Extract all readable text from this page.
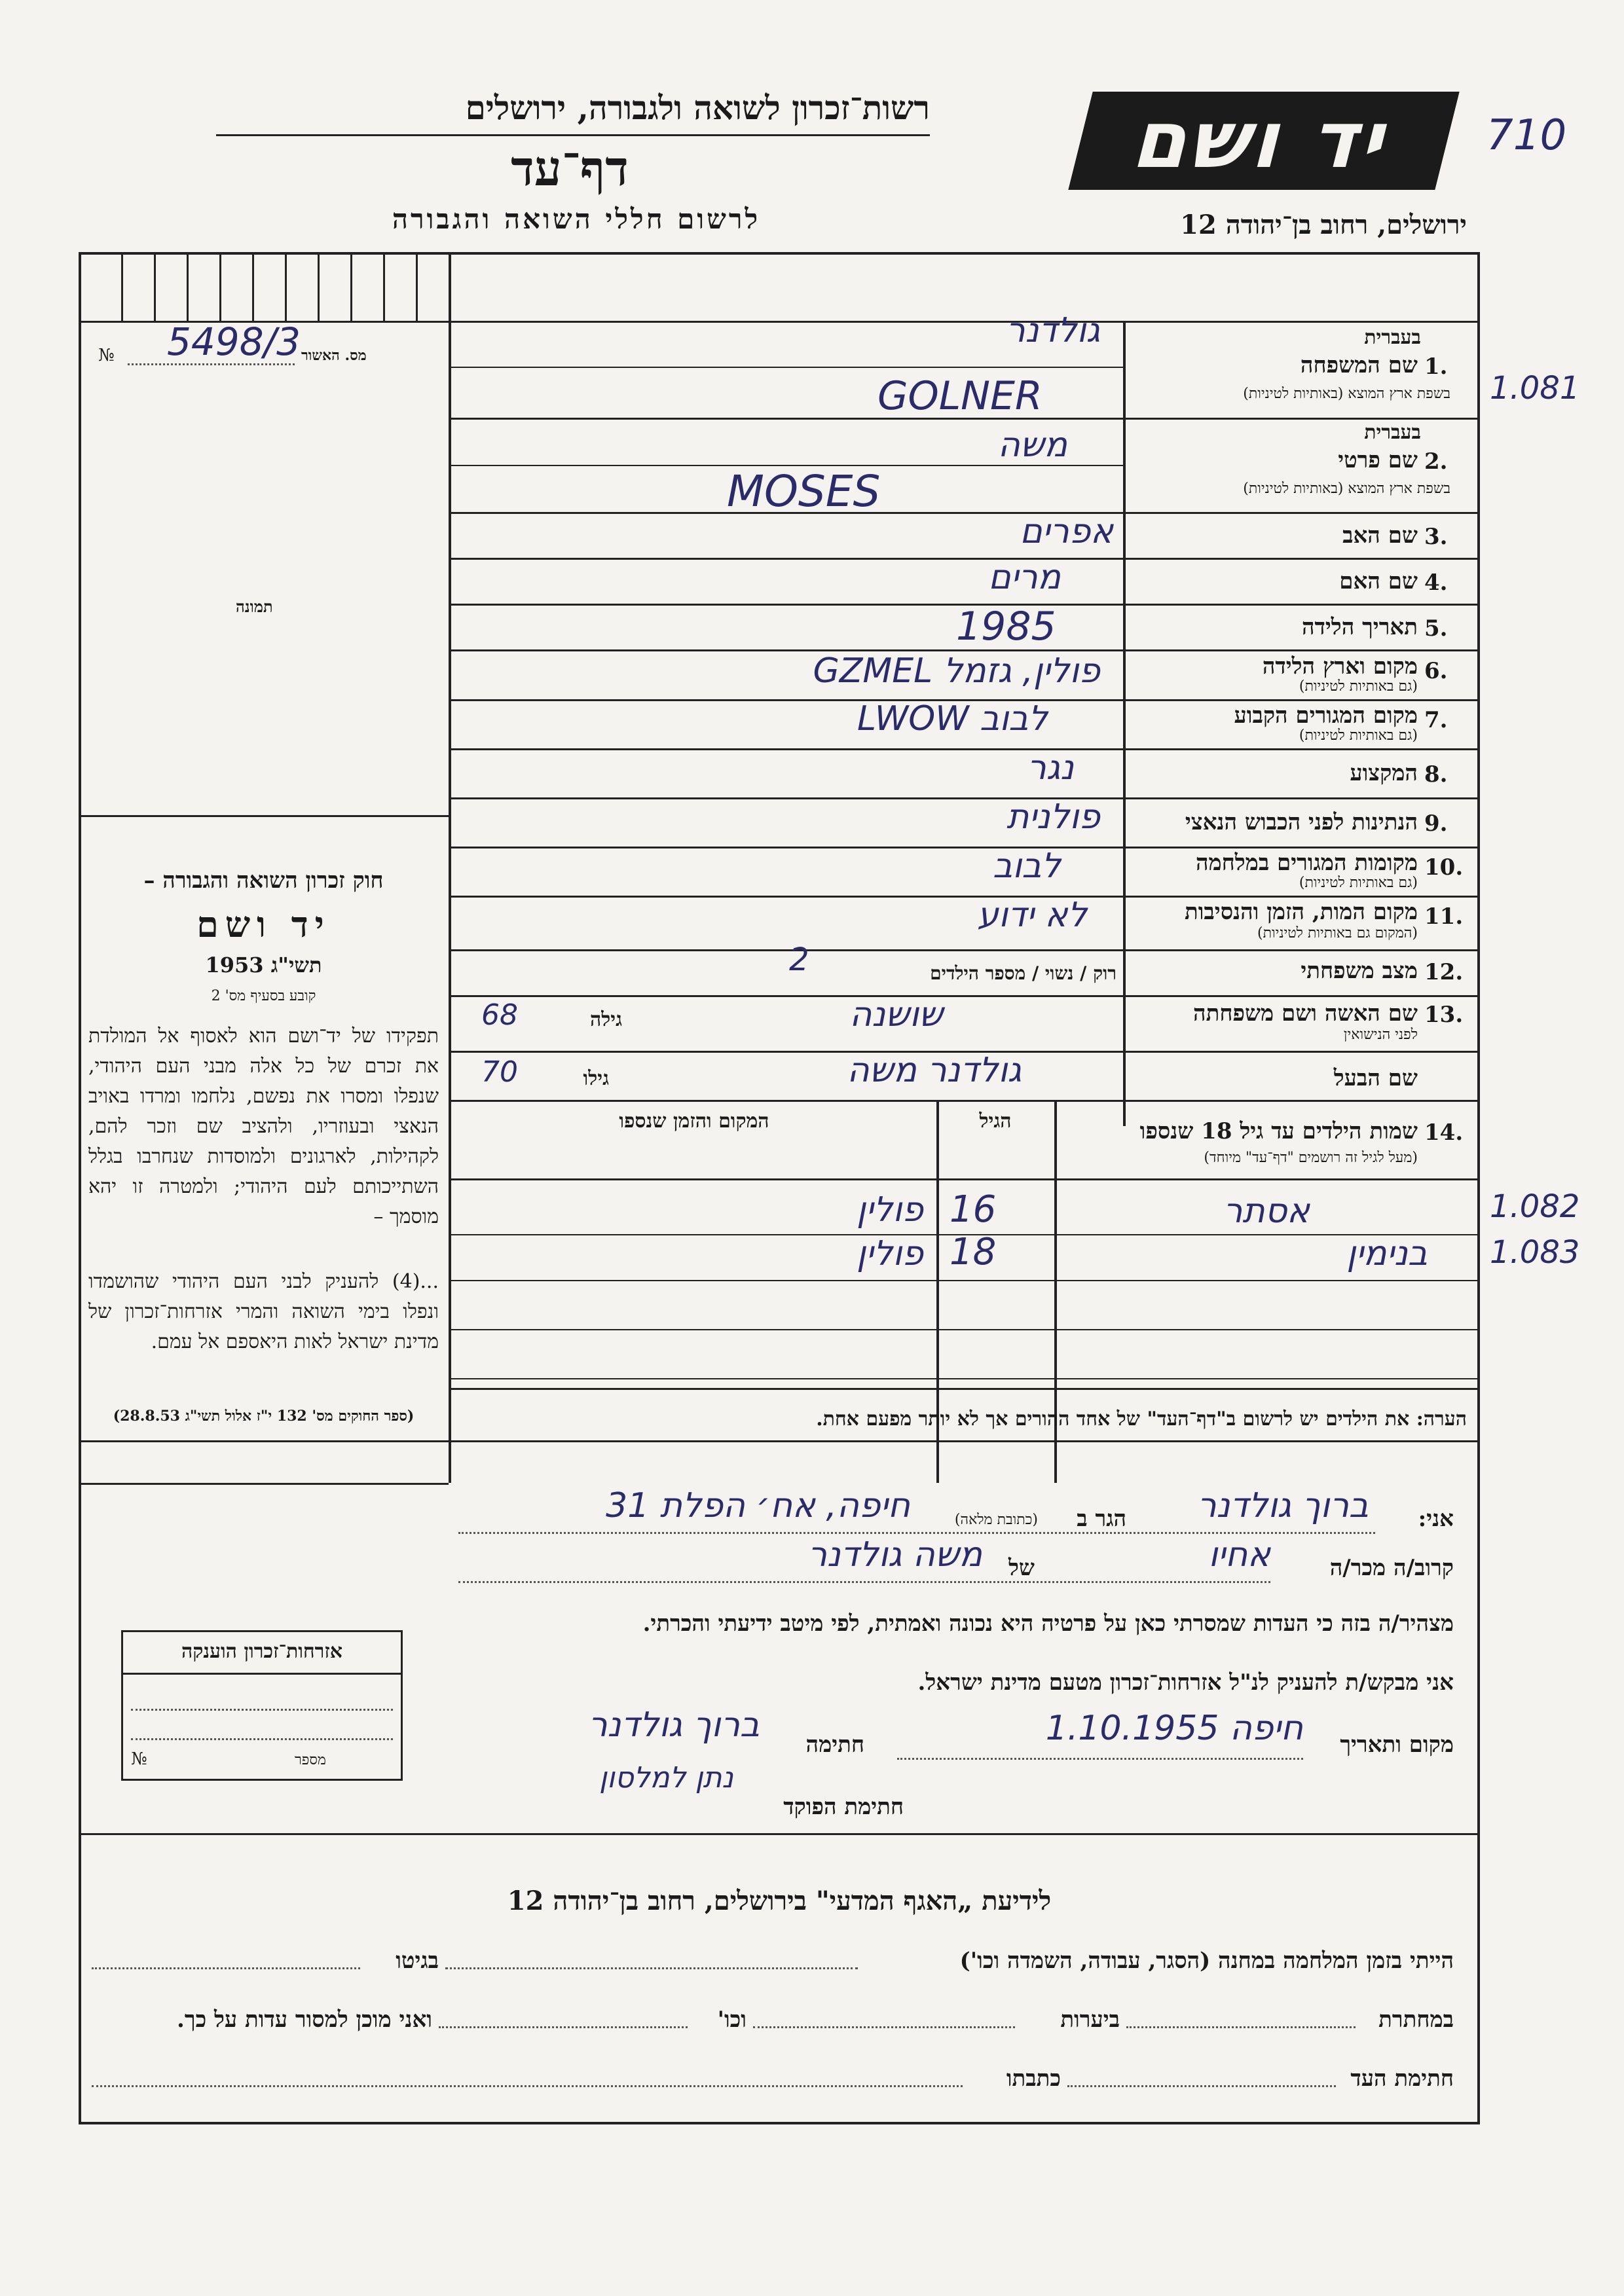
רשות־זכרון לשואה ולגבורה, ירושלים
דף־עד
לרשום חללי השואה והגבורה
יד ושם
ירושלים, רחוב בן־יהודה 12
710
מס. האשור
№ 5498/3
תמונה
בעברית
1.
שם המשפחה
בשפת ארץ המוצא (באותיות לטיניות)
גולדנר
GOLNER	1.081
בעברית
2.
שם פרטי
בשפת ארץ המוצא (באותיות לטיניות)
משה
MOSES
3.
שם האב
אפרים
4.
שם האם
מרים
5.
תאריך הלידה
1985
6.
מקום וארץ הלידה
(גם באותיות לטיניות)
פולין, גזמל GZMEL
7.
מקום המגורים הקבוע
(גם באותיות לטיניות)
לבוב LWOW
8.
המקצוע
נגר
9.
הנתינות לפני הכבוש הנאצי
פולנית
10.
מקומות המגורים במלחמה
(גם באותיות לטיניות)
לבוב
11.
מקום המות, הזמן והנסיבות
(המקום גם באותיות לטיניות)
לא ידוע
12.
מצב משפחתי
רוק / נשוי / מספר הילדים
2
13.
שם האשה ושם משפחתה
לפני הנישואין
שושנה
גילה
68
שם הבעל
גולדנר משה
גילו
70
14.
שמות הילדים עד גיל 18 שנספו
(מעל לגיל זה רושמים "דף־עד" מיוחד)
הגיל
המקום והזמן שנספו
אסתר
16
פולין	1.082
בנימין
18
פולין	1.083
הערה: את הילדים יש לרשום ב"דף־העד" של אחד ההורים אך לא יותר מפעם אחת.
חוק זכרון השואה והגבורה –
יד ושם
תשי"ג 1953
קובע בסעיף מס' 2
תפקידו של יד־ושם הוא לאסוף אל המולדת את זכרם של כל אלה מבני העם היהודי, שנפלו ומסרו את נפשם, נלחמו ומרדו באויב הנאצי ובעוזריו, ולהציב שם וזכר להם, לקהילות, לארגונים ולמוסדות שנחרבו בגלל השתייכותם לעם היהודי; ולמטרה זו יהא מוסמך –
...(4) להעניק לבני העם היהודי שהושמדו ונפלו בימי השואה והמרי אזרחות־זכרון של מדינת ישראל לאות היאספם אל עמם.
(ספר החוקים מס' 132 י"ז אלול תשי"ג 28.8.53)
אני:
ברוך גולדנר
הגר ב
(כתובת מלאה)
חיפה, אח׳ הפלת 31
קרוב/ה מכר/ה
אחיו
של
משה גולדנר
מצהיר/ה בזה כי העדות שמסרתי כאן על פרטיה היא נכונה ואמתית, לפי מיטב ידיעתי והכרתי.
אני מבקש/ת להעניק לנ"ל אזרחות־זכרון מטעם מדינת ישראל.
מקום ותאריך
חיפה 1.10.1955
חתימה
ברוך גולדנר
נתן למלסון
חתימת הפוקד
אזרחות־זכרון הוענקה
מספר
№
לידיעת „האגף המדעי" בירושלים, רחוב בן־יהודה 12
הייתי בזמן המלחמה במחנה (הסגר, עבודה, השמדה וכו')
בגיטו
במחתרת
ביערות
וכו'
ואני מוכן למסור עדות על כך.
חתימת העד
כתבתו
